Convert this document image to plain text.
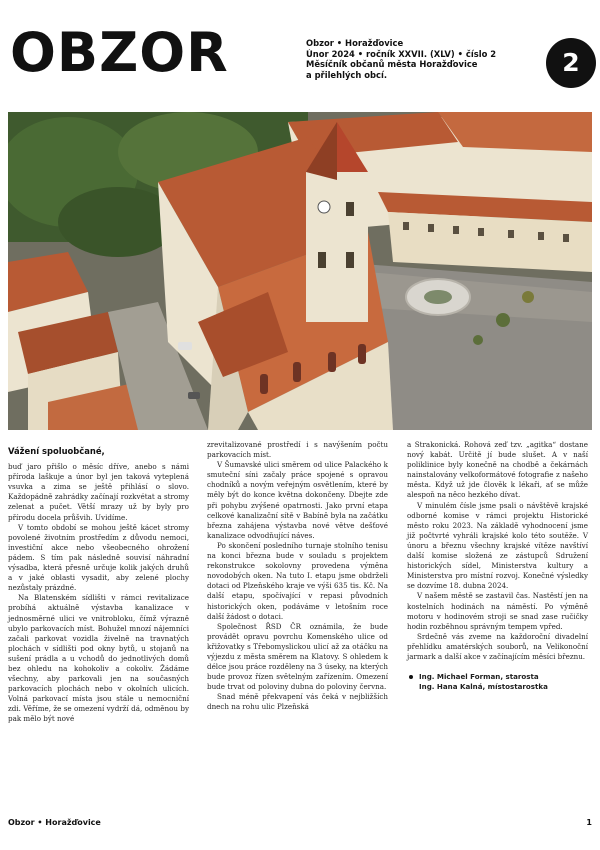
OBZOR	Obzor • Horažďovice
Únor 2024 • ročník XXVII. (XLV) • číslo 2
Měsíčník občanů města Horažďovice
a přilehlých obcí.	2
Vážení spoluobčané,

buď jaro přišlo o měsíc dříve, anebo s námi příroda laškuje a únor byl jen taková vyteplená vsuvka a zima se ještě přihlásí o slovo. Každopádně zahrádky začínají rozkvétat a stromy zelenat a pučet. Větší mrazy už by byly pro přírodu docela průšvih. Uvidíme.

V tomto období se mohou ještě kácet stromy povolené životním prostředím z důvodu nemoci, investiční akce nebo všeobecného ohrožení pádem. S tím pak následně souvisí náhradní výsadba, která přesně určuje kolik jakých druhů a v jaké oblasti vysadit, aby zelené plochy nezůstaly prázdné.

Na Blatenském sídlišti v rámci revitalizace probíhá aktuálně výstavba kanalizace v jednosměrné ulici ve vnitrobloku, čímž výrazně ubylo parkovacích míst. Bohužel mnozí nájemníci začali parkovat vozidla živelně na travnatých plochách v sídlišti pod okny bytů, u stojanů na sušení prádla a u vchodů do jednotlivých domů bez ohledu na kohokoliv a cokoliv. Žádáme všechny, aby parkovali jen na současných parkovacích plochách nebo v okolních ulicích. Volná parkovací místa jsou stále u nemocniční zdi. Věříme, že se omezení vydrží dá, odměnou by pak mělo být nové

zrevitalizované prostředí i s navýšením počtu parkovacích míst.

V Šumavské ulici směrem od ulice Palackého k smuteční síni začaly práce spojené s opravou chodníků a novým veřejným osvětlením, které by měly být do konce května dokončeny. Dbejte zde při pohybu zvýšené opatrnosti. Jako první etapa celkové kanalizační sítě v Babíně byla na začátku března zahájena výstavba nové větve dešťové kanalizace odvodňující náves.

Po skončení posledního turnaje stolního tenisu na konci března bude v souladu s projektem rekonstrukce sokolovny provedena výměna novodobých oken. Na tuto I. etapu jsme obdrželi dotaci od Plzeňského kraje ve výši 635 tis. Kč. Na další etapu, spočívající v repasi původních historických oken, podáváme v letošním roce další žádost o dotaci.

Společnost ŘSD ČR oznámila, že bude provádět opravu povrchu Komenského ulice od křižovatky s Třebomyslickou ulicí až za otáčku na výjezdu z města směrem na Klatovy. S ohledem k délce jsou práce rozděleny na 3 úseky, na kterých bude provoz řízen světelným zařízením. Omezení bude trvat od poloviny dubna do poloviny června.

Snad méně překvapení vás čeká v nejbližších dnech na rohu ulic Plzeňská

a Strakonická. Rohová zeď tzv. „agitka“ dostane nový kabát. Určitě jí bude slušet. A v naší poliklinice byly konečně na chodbě a čekárnách nainstalovány velkoformátové fotografie z našeho města. Když už jde člověk k lékaři, ať se může alespoň na něco hezkého dívat.

V minulém čísle jsme psali o návštěvě krajské odborné komise v rámci projektu Historické město roku 2023. Na základě vyhodnocení jsme již počtvrté vyhráli krajské kolo této soutěže. V únoru a březnu všechny krajské vítěze navštíví další komise složená ze zástupců Sdružení historických sídel, Ministerstva kultury a Ministerstva pro místní rozvoj. Konečné výsledky se dozvíme 18. dubna 2024.

V našem městě se zastavil čas. Nastěstí jen na kostelních hodinách na náměstí. Po výměně motoru v hodinovém stroji se snad zase ručičky hodin rozběhnou správným tempem vpřed.

Srdečně vás zveme na každoroční divadelní přehlídku amatérských souborů, na Velikonoční jarmark a další akce v začínajícím měsíci březnu.

Ing. Michael Forman, starosta
Ing. Hana Kalná, místostarostka
Obzor • Horažďovice	1
